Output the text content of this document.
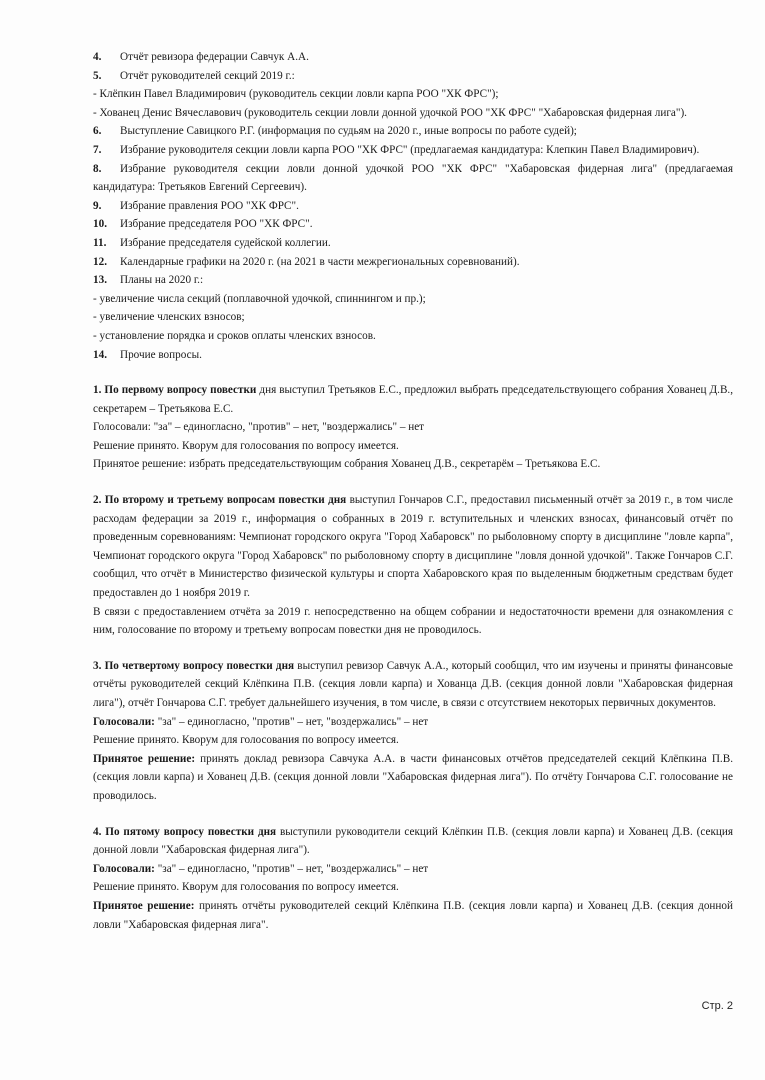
4. Отчёт ревизора федерации Савчук А.А.
5. Отчёт руководителей секций 2019 г.:
- Клёпкин Павел Владимирович (руководитель секции ловли карпа РОО "ХК ФРС");
- Хованец Денис Вячеславович (руководитель секции ловли донной удочкой РОО "ХК ФРС" "Хабаровская фидерная лига").
6. Выступление Савицкого Р.Г. (информация по судьям на 2020 г., иные вопросы по работе судей);
7. Избрание руководителя секции ловли карпа РОО "ХК ФРС" (предлагаемая кандидатура: Клепкин Павел Владимирович).
8. Избрание руководителя секции ловли донной удочкой РОО "ХК ФРС" "Хабаровская фидерная лига" (предлагаемая кандидатура: Третьяков Евгений Сергеевич).
9. Избрание правления РОО "ХК ФРС".
10. Избрание председателя РОО "ХК ФРС".
11. Избрание председателя судейской коллегии.
12. Календарные графики на 2020 г. (на 2021 в части межрегиональных соревнований).
13. Планы на 2020 г.:
- увеличение числа секций (поплавочной удочкой, спиннингом и пр.);
- увеличение членских взносов;
- установление порядка и сроков оплаты членских взносов.
14. Прочие вопросы.
1. По первому вопросу повестки дня выступил Третьяков Е.С., предложил выбрать председательствующего собрания Хованец Д.В., секретарем – Третьякова Е.С.
Голосовали: "за" – единогласно, "против" – нет, "воздержались" – нет
Решение принято. Кворум для голосования по вопросу имеется.
Принятое решение: избрать председательствующим собрания Хованец Д.В., секретарём – Третьякова Е.С.
2. По второму и третьему вопросам повестки дня выступил Гончаров С.Г., предоставил письменный отчёт за 2019 г., в том числе расходам федерации за 2019 г., информация о собранных в 2019 г. вступительных и членских взносах, финансовый отчёт по проведенным соревнованиям: Чемпионат городского округа "Город Хабаровск" по рыболовному спорту в дисциплине "ловле карпа", Чемпионат городского округа "Город Хабаровск" по рыболовному спорту в дисциплине "ловля донной удочкой". Также Гончаров С.Г. сообщил, что отчёт в Министерство физической культуры и спорта Хабаровского края по выделенным бюджетным средствам будет предоставлен до 1 ноября 2019 г.
В связи с предоставлением отчёта за 2019 г. непосредственно на общем собрании и недостаточности времени для ознакомления с ним, голосование по второму и третьему вопросам повестки дня не проводилось.
3. По четвертому вопросу повестки дня выступил ревизор Савчук А.А., который сообщил, что им изучены и приняты финансовые отчёты руководителей секций Клёпкина П.В. (секция ловли карпа) и Хованца Д.В. (секция донной ловли "Хабаровская фидерная лига"), отчёт Гончарова С.Г. требует дальнейшего изучения, в том числе, в связи с отсутствием некоторых первичных документов.
Голосовали: "за" – единогласно, "против" – нет, "воздержались" – нет
Решение принято. Кворум для голосования по вопросу имеется.
Принятое решение: принять доклад ревизора Савчука А.А. в части финансовых отчётов председателей секций Клёпкина П.В. (секция ловли карпа) и Хованец Д.В. (секция донной ловли "Хабаровская фидерная лига"). По отчёту Гончарова С.Г. голосование не проводилось.
4. По пятому вопросу повестки дня выступили руководители секций Клёпкин П.В. (секция ловли карпа) и Хованец Д.В. (секция донной ловли "Хабаровская фидерная лига").
Голосовали: "за" – единогласно, "против" – нет, "воздержались" – нет
Решение принято. Кворум для голосования по вопросу имеется.
Принятое решение: принять отчёты руководителей секций Клёпкина П.В. (секция ловли карпа) и Хованец Д.В. (секция донной ловли "Хабаровская фидерная лига".
Стр. 2
